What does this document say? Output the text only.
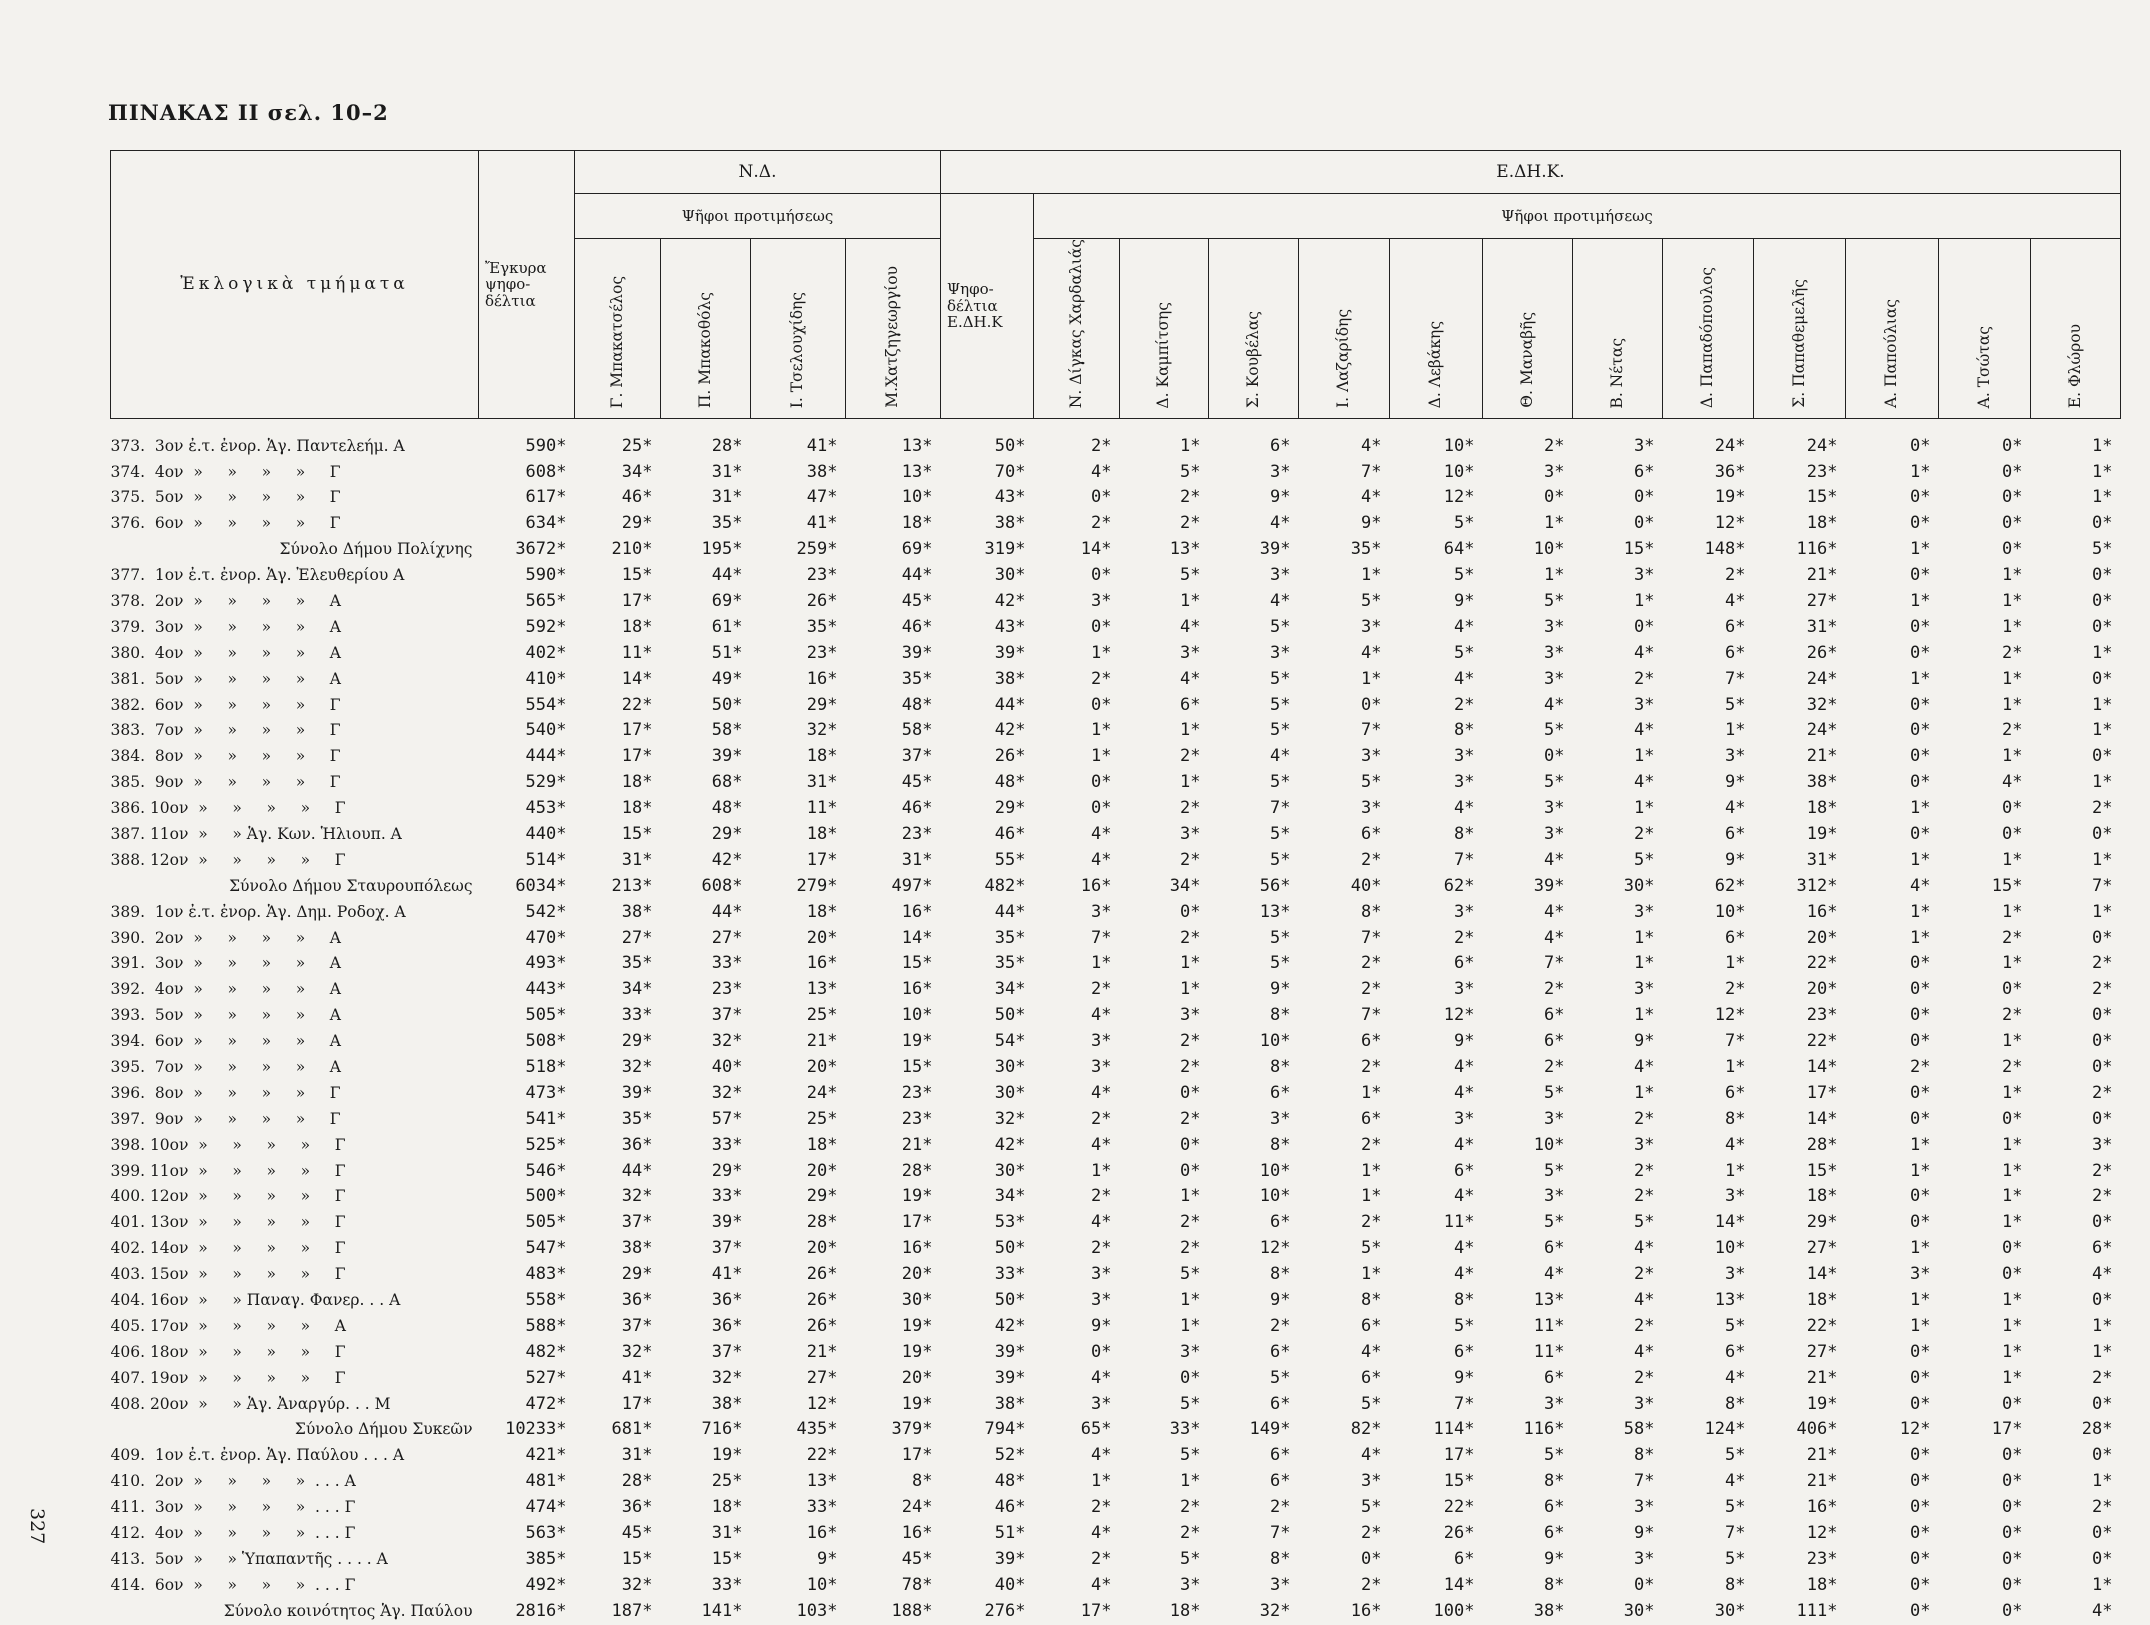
ΠΙΝΑΚΑΣ ΙΙ σελ. 10–2
327
Ἐκλογικὰ τμήματα	Ἔγκυρα ψηφο-δέλτια	Ν.Δ.				Ε.ΔΗ.Κ.												
		Ψῆφοι προτιμήσεως				Ψηφο-δέλτια Ε.ΔΗ.Κ	Ψῆφοι προτιμήσεως											
		Γ. Μπακατσέλος	Π. Μπακοθόλς	Ι. Τσελουχίδης	Μ.Χατζηγεωργίου		Ν. Δίγκας Χαρδαλιάς	Δ. Καμπίτσης	Σ. Κουβέλας	Ι. Λαζαρίδης	Δ. Λεβάκης	Θ. Μαναβῆς	Β. Νέτας	Δ. Παπαδόπουλος	Σ. Παπαθεμελῆς	Α. Παπούλιας	Α. Τσώτας	Ε. Φλώρου
373.  3ον ἐ.τ. ἐνορ. Ἁγ. Παντελεήμ. Α	590*	25*	28*	41*	13*	50*	2*	1*	6*	4*	10*	2*	3*	24*	24*	0*	0*	1*
374.  4ον  »     »     »     »     Γ	608*	34*	31*	38*	13*	70*	4*	5*	3*	7*	10*	3*	6*	36*	23*	1*	0*	1*
375.  5ον  »     »     »     »     Γ	617*	46*	31*	47*	10*	43*	0*	2*	9*	4*	12*	0*	0*	19*	15*	0*	0*	1*
376.  6ον  »     »     »     »     Γ	634*	29*	35*	41*	18*	38*	2*	2*	4*	9*	5*	1*	0*	12*	18*	0*	0*	0*
Σύνολο Δήμου Πολίχνης	3672*	210*	195*	259*	69*	319*	14*	13*	39*	35*	64*	10*	15*	148*	116*	1*	0*	5*
377.  1ον ἐ.τ. ἐνορ. Ἁγ. Ἐλευθερίου Α	590*	15*	44*	23*	44*	30*	0*	5*	3*	1*	5*	1*	3*	2*	21*	0*	1*	0*
378.  2ον  »     »     »     »     Α	565*	17*	69*	26*	45*	42*	3*	1*	4*	5*	9*	5*	1*	4*	27*	1*	1*	0*
379.  3ον  »     »     »     »     Α	592*	18*	61*	35*	46*	43*	0*	4*	5*	3*	4*	3*	0*	6*	31*	0*	1*	0*
380.  4ον  »     »     »     »     Α	402*	11*	51*	23*	39*	39*	1*	3*	3*	4*	5*	3*	4*	6*	26*	0*	2*	1*
381.  5ον  »     »     »     »     Α	410*	14*	49*	16*	35*	38*	2*	4*	5*	1*	4*	3*	2*	7*	24*	1*	1*	0*
382.  6ον  »     »     »     »     Γ	554*	22*	50*	29*	48*	44*	0*	6*	5*	0*	2*	4*	3*	5*	32*	0*	1*	1*
383.  7ον  »     »     »     »     Γ	540*	17*	58*	32*	58*	42*	1*	1*	5*	7*	8*	5*	4*	1*	24*	0*	2*	1*
384.  8ον  »     »     »     »     Γ	444*	17*	39*	18*	37*	26*	1*	2*	4*	3*	3*	0*	1*	3*	21*	0*	1*	0*
385.  9ον  »     »     »     »     Γ	529*	18*	68*	31*	45*	48*	0*	1*	5*	5*	3*	5*	4*	9*	38*	0*	4*	1*
386. 10ον  »     »     »     »     Γ	453*	18*	48*	11*	46*	29*	0*	2*	7*	3*	4*	3*	1*	4*	18*	1*	0*	2*
387. 11ον  »     » Ἁγ. Κων. Ἡλιουπ. Α	440*	15*	29*	18*	23*	46*	4*	3*	5*	6*	8*	3*	2*	6*	19*	0*	0*	0*
388. 12ον  »     »     »     »     Γ	514*	31*	42*	17*	31*	55*	4*	2*	5*	2*	7*	4*	5*	9*	31*	1*	1*	1*
Σύνολο Δήμου Σταυρουπόλεως	6034*	213*	608*	279*	497*	482*	16*	34*	56*	40*	62*	39*	30*	62*	312*	4*	15*	7*
389.  1ον ἐ.τ. ἐνορ. Ἁγ. Δημ. Ροδοχ. Α	542*	38*	44*	18*	16*	44*	3*	0*	13*	8*	3*	4*	3*	10*	16*	1*	1*	1*
390.  2ον  »     »     »     »     Α	470*	27*	27*	20*	14*	35*	7*	2*	5*	7*	2*	4*	1*	6*	20*	1*	2*	0*
391.  3ον  »     »     »     »     Α	493*	35*	33*	16*	15*	35*	1*	1*	5*	2*	6*	7*	1*	1*	22*	0*	1*	2*
392.  4ον  »     »     »     »     Α	443*	34*	23*	13*	16*	34*	2*	1*	9*	2*	3*	2*	3*	2*	20*	0*	0*	2*
393.  5ον  »     »     »     »     Α	505*	33*	37*	25*	10*	50*	4*	3*	8*	7*	12*	6*	1*	12*	23*	0*	2*	0*
394.  6ον  »     »     »     »     Α	508*	29*	32*	21*	19*	54*	3*	2*	10*	6*	9*	6*	9*	7*	22*	0*	1*	0*
395.  7ον  »     »     »     »     Α	518*	32*	40*	20*	15*	30*	3*	2*	8*	2*	4*	2*	4*	1*	14*	2*	2*	0*
396.  8ον  »     »     »     »     Γ	473*	39*	32*	24*	23*	30*	4*	0*	6*	1*	4*	5*	1*	6*	17*	0*	1*	2*
397.  9ον  »     »     »     »     Γ	541*	35*	57*	25*	23*	32*	2*	2*	3*	6*	3*	3*	2*	8*	14*	0*	0*	0*
398. 10ον  »     »     »     »     Γ	525*	36*	33*	18*	21*	42*	4*	0*	8*	2*	4*	10*	3*	4*	28*	1*	1*	3*
399. 11ον  »     »     »     »     Γ	546*	44*	29*	20*	28*	30*	1*	0*	10*	1*	6*	5*	2*	1*	15*	1*	1*	2*
400. 12ον  »     »     »     »     Γ	500*	32*	33*	29*	19*	34*	2*	1*	10*	1*	4*	3*	2*	3*	18*	0*	1*	2*
401. 13ον  »     »     »     »     Γ	505*	37*	39*	28*	17*	53*	4*	2*	6*	2*	11*	5*	5*	14*	29*	0*	1*	0*
402. 14ον  »     »     »     »     Γ	547*	38*	37*	20*	16*	50*	2*	2*	12*	5*	4*	6*	4*	10*	27*	1*	0*	6*
403. 15ον  »     »     »     »     Γ	483*	29*	41*	26*	20*	33*	3*	5*	8*	1*	4*	4*	2*	3*	14*	3*	0*	4*
404. 16ον  »     » Παναγ. Φανερ. . . Α	558*	36*	36*	26*	30*	50*	3*	1*	9*	8*	8*	13*	4*	13*	18*	1*	1*	0*
405. 17ον  »     »     »     »     Α	588*	37*	36*	26*	19*	42*	9*	1*	2*	6*	5*	11*	2*	5*	22*	1*	1*	1*
406. 18ον  »     »     »     »     Γ	482*	32*	37*	21*	19*	39*	0*	3*	6*	4*	6*	11*	4*	6*	27*	0*	1*	1*
407. 19ον  »     »     »     »     Γ	527*	41*	32*	27*	20*	39*	4*	0*	5*	6*	9*	6*	2*	4*	21*	0*	1*	2*
408. 20ον  »     » Ἁγ. Ἀναργύρ. . . Μ	472*	17*	38*	12*	19*	38*	3*	5*	6*	5*	7*	3*	3*	8*	19*	0*	0*	0*
Σύνολο Δήμου Συκεῶν	10233*	681*	716*	435*	379*	794*	65*	33*	149*	82*	114*	116*	58*	124*	406*	12*	17*	28*
409.  1ον ἐ.τ. ἐνορ. Ἁγ. Παύλου . . . Α	421*	31*	19*	22*	17*	52*	4*	5*	6*	4*	17*	5*	8*	5*	21*	0*	0*	0*
410.  2ον  »     »     »     »  . . . Α	481*	28*	25*	13*	8*	48*	1*	1*	6*	3*	15*	8*	7*	4*	21*	0*	0*	1*
411.  3ον  »     »     »     »  . . . Γ	474*	36*	18*	33*	24*	46*	2*	2*	2*	5*	22*	6*	3*	5*	16*	0*	0*	2*
412.  4ον  »     »     »     »  . . . Γ	563*	45*	31*	16*	16*	51*	4*	2*	7*	2*	26*	6*	9*	7*	12*	0*	0*	0*
413.  5ον  »     » Ὑπαπαντῆς . . . . Α	385*	15*	15*	9*	45*	39*	2*	5*	8*	0*	6*	9*	3*	5*	23*	0*	0*	0*
414.  6ον  »     »     »     »  . . . Γ	492*	32*	33*	10*	78*	40*	4*	3*	3*	2*	14*	8*	0*	8*	18*	0*	0*	1*
Σύνολο κοινότητος Ἁγ. Παύλου	2816*	187*	141*	103*	188*	276*	17*	18*	32*	16*	100*	38*	30*	30*	111*	0*	0*	4*
